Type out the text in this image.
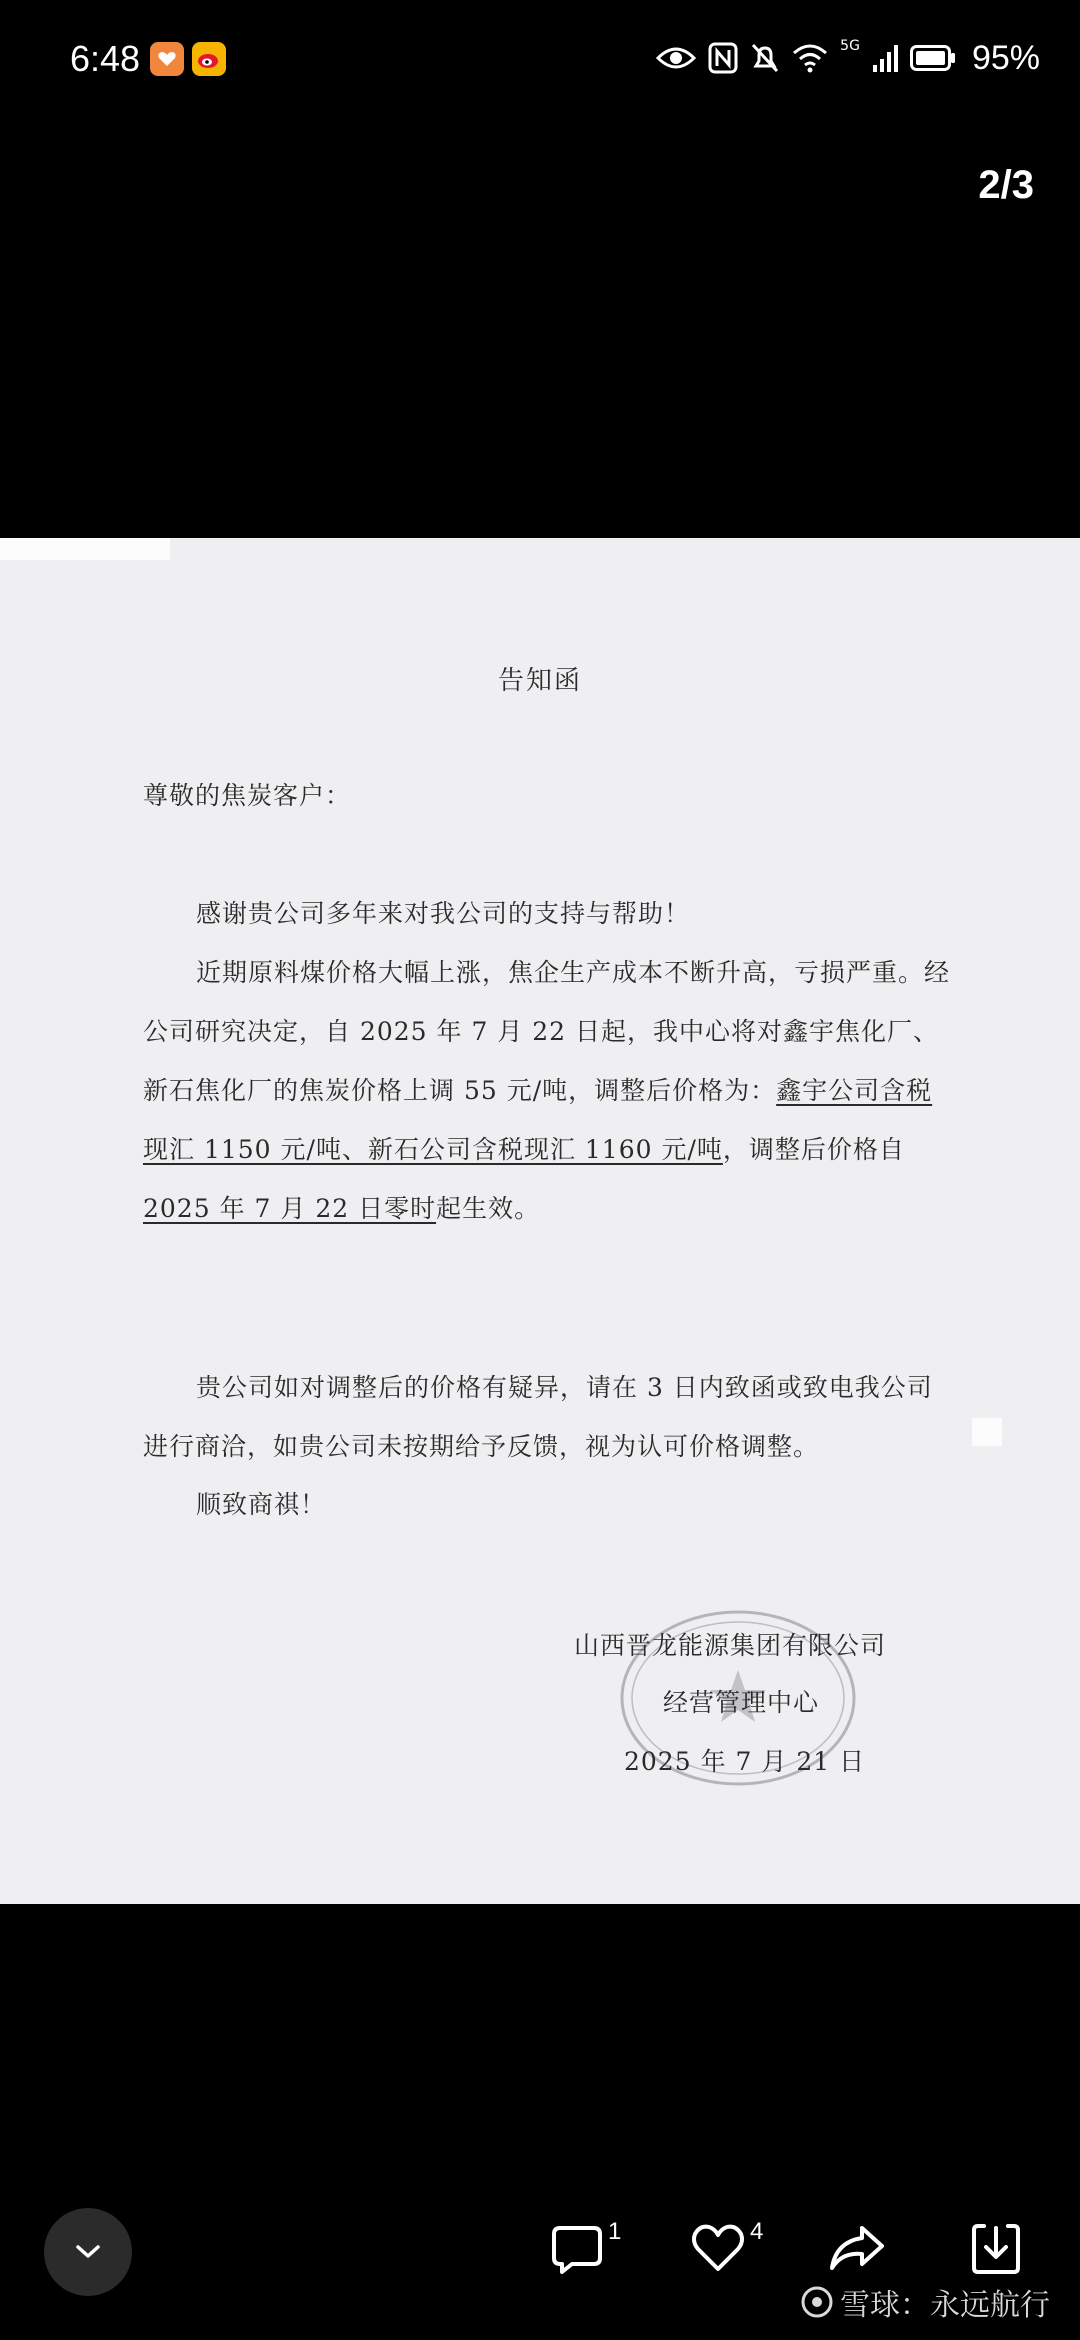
6:48	5G	95%
2/3
告知函
尊敬的焦炭客户：

感谢贵公司多年来对我公司的支持与帮助！

近期原料煤价格大幅上涨，焦企生产成本不断升高，亏损严重。经公司研究决定，自 2025 年 7 月 22 日起，我中心将对鑫宇焦化厂、新石焦化厂的焦炭价格上调 55 元/吨，调整后价格为：鑫宇公司含税现汇 1150 元/吨、新石公司含税现汇 1160 元/吨，调整后价格自2025 年 7 月 22 日零时起生效。

贵公司如对调整后的价格有疑异，请在 3 日内致函或致电我公司进行商洽，如贵公司未按期给予反馈，视为认可价格调整。

顺致商祺！

山西晋龙能源集团有限公司
经营管理中心
2025 年 7 月 21 日
1	4
雪球：永远航行
